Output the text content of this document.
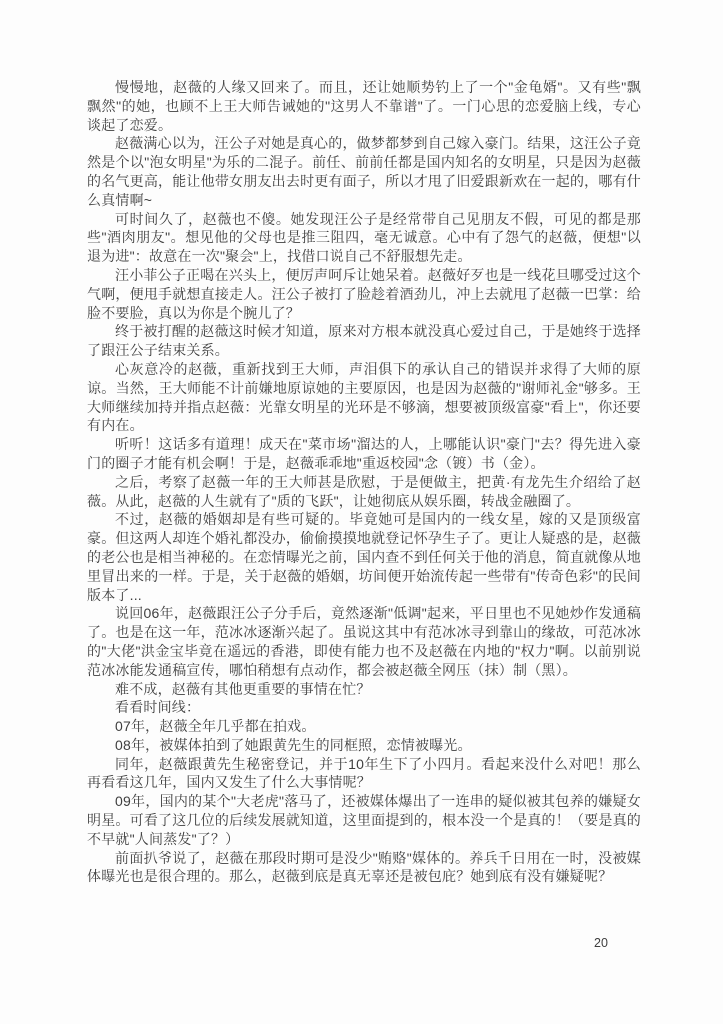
慢慢地，赵薇的人缘又回来了。而且，还让她顺势钓上了一个"金龟婿"。又有些"飘飘然"的她，也顾不上王大师告诫她的"这男人不靠谱"了。一门心思的恋爱脑上线，专心谈起了恋爱。

赵薇满心以为，汪公子对她是真心的，做梦都梦到自己嫁入豪门。结果，这汪公子竟然是个以"泡女明星"为乐的二混子。前任、前前任都是国内知名的女明星，只是因为赵薇的名气更高，能让他带女朋友出去时更有面子，所以才甩了旧爱跟新欢在一起的，哪有什么真情啊~

可时间久了，赵薇也不傻。她发现汪公子是经常带自己见朋友不假，可见的都是那些"酒肉朋友"。想见他的父母也是推三阻四，毫无诚意。心中有了怨气的赵薇，便想"以退为进"：故意在一次"聚会"上，找借口说自己不舒服想先走。

汪小菲公子正喝在兴头上，便厉声呵斥让她呆着。赵薇好歹也是一线花旦哪受过这个气啊，便甩手就想直接走人。汪公子被打了脸趁着酒劲儿，冲上去就甩了赵薇一巴掌：给脸不要脸，真以为你是个腕儿了？

终于被打醒的赵薇这时候才知道，原来对方根本就没真心爱过自己，于是她终于选择了跟汪公子结束关系。

心灰意冷的赵薇，重新找到王大师，声泪俱下的承认自己的错误并求得了大师的原谅。当然，王大师能不计前嫌地原谅她的主要原因，也是因为赵薇的"谢师礼金"够多。王大师继续加持并指点赵薇：光靠女明星的光环是不够滴，想要被顶级富豪"看上"，你还要有内在。

听听！这话多有道理！成天在"菜市场"溜达的人，上哪能认识"豪门"去？得先进入豪门的圈子才能有机会啊！于是，赵薇乖乖地"重返校园"念（镀）书（金）。

之后，考察了赵薇一年的王大师甚是欣慰，于是便做主，把黄·有龙先生介绍给了赵薇。从此，赵薇的人生就有了"质的飞跃"，让她彻底从娱乐圈，转战金融圈了。

不过，赵薇的婚姻却是有些可疑的。毕竟她可是国内的一线女星，嫁的又是顶级富豪。但这两人却连个婚礼都没办，偷偷摸摸地就登记怀孕生子了。更让人疑惑的是，赵薇的老公也是相当神秘的。在恋情曝光之前，国内查不到任何关于他的消息，简直就像从地里冒出来的一样。于是，关于赵薇的婚姻，坊间便开始流传起一些带有"传奇色彩"的民间版本了...

说回06年，赵薇跟汪公子分手后，竟然逐渐"低调"起来，平日里也不见她炒作发通稿了。也是在这一年，范冰冰逐渐兴起了。虽说这其中有范冰冰寻到靠山的缘故，可范冰冰的"大佬"洪金宝毕竟在遥远的香港，即使有能力也不及赵薇在内地的"权力"啊。以前别说范冰冰能发通稿宣传，哪怕稍想有点动作，都会被赵薇全网压（抹）制（黑）。

难不成，赵薇有其他更重要的事情在忙？

看看时间线：

07年，赵薇全年几乎都在拍戏。

08年，被媒体拍到了她跟黄先生的同框照，恋情被曝光。

同年，赵薇跟黄先生秘密登记，并于10年生下了小四月。看起来没什么对吧！那么再看看这几年，国内又发生了什么大事情呢？

09年，国内的某个"大老虎"落马了，还被媒体爆出了一连串的疑似被其包养的嫌疑女明星。可看了这几位的后续发展就知道，这里面提到的，根本没一个是真的！（要是真的不早就"人间蒸发"了？）

前面扒爷说了，赵薇在那段时期可是没少"贿赂"媒体的。养兵千日用在一时，没被媒体曝光也是很合理的。那么，赵薇到底是真无辜还是被包庇？她到底有没有嫌疑呢？

20
